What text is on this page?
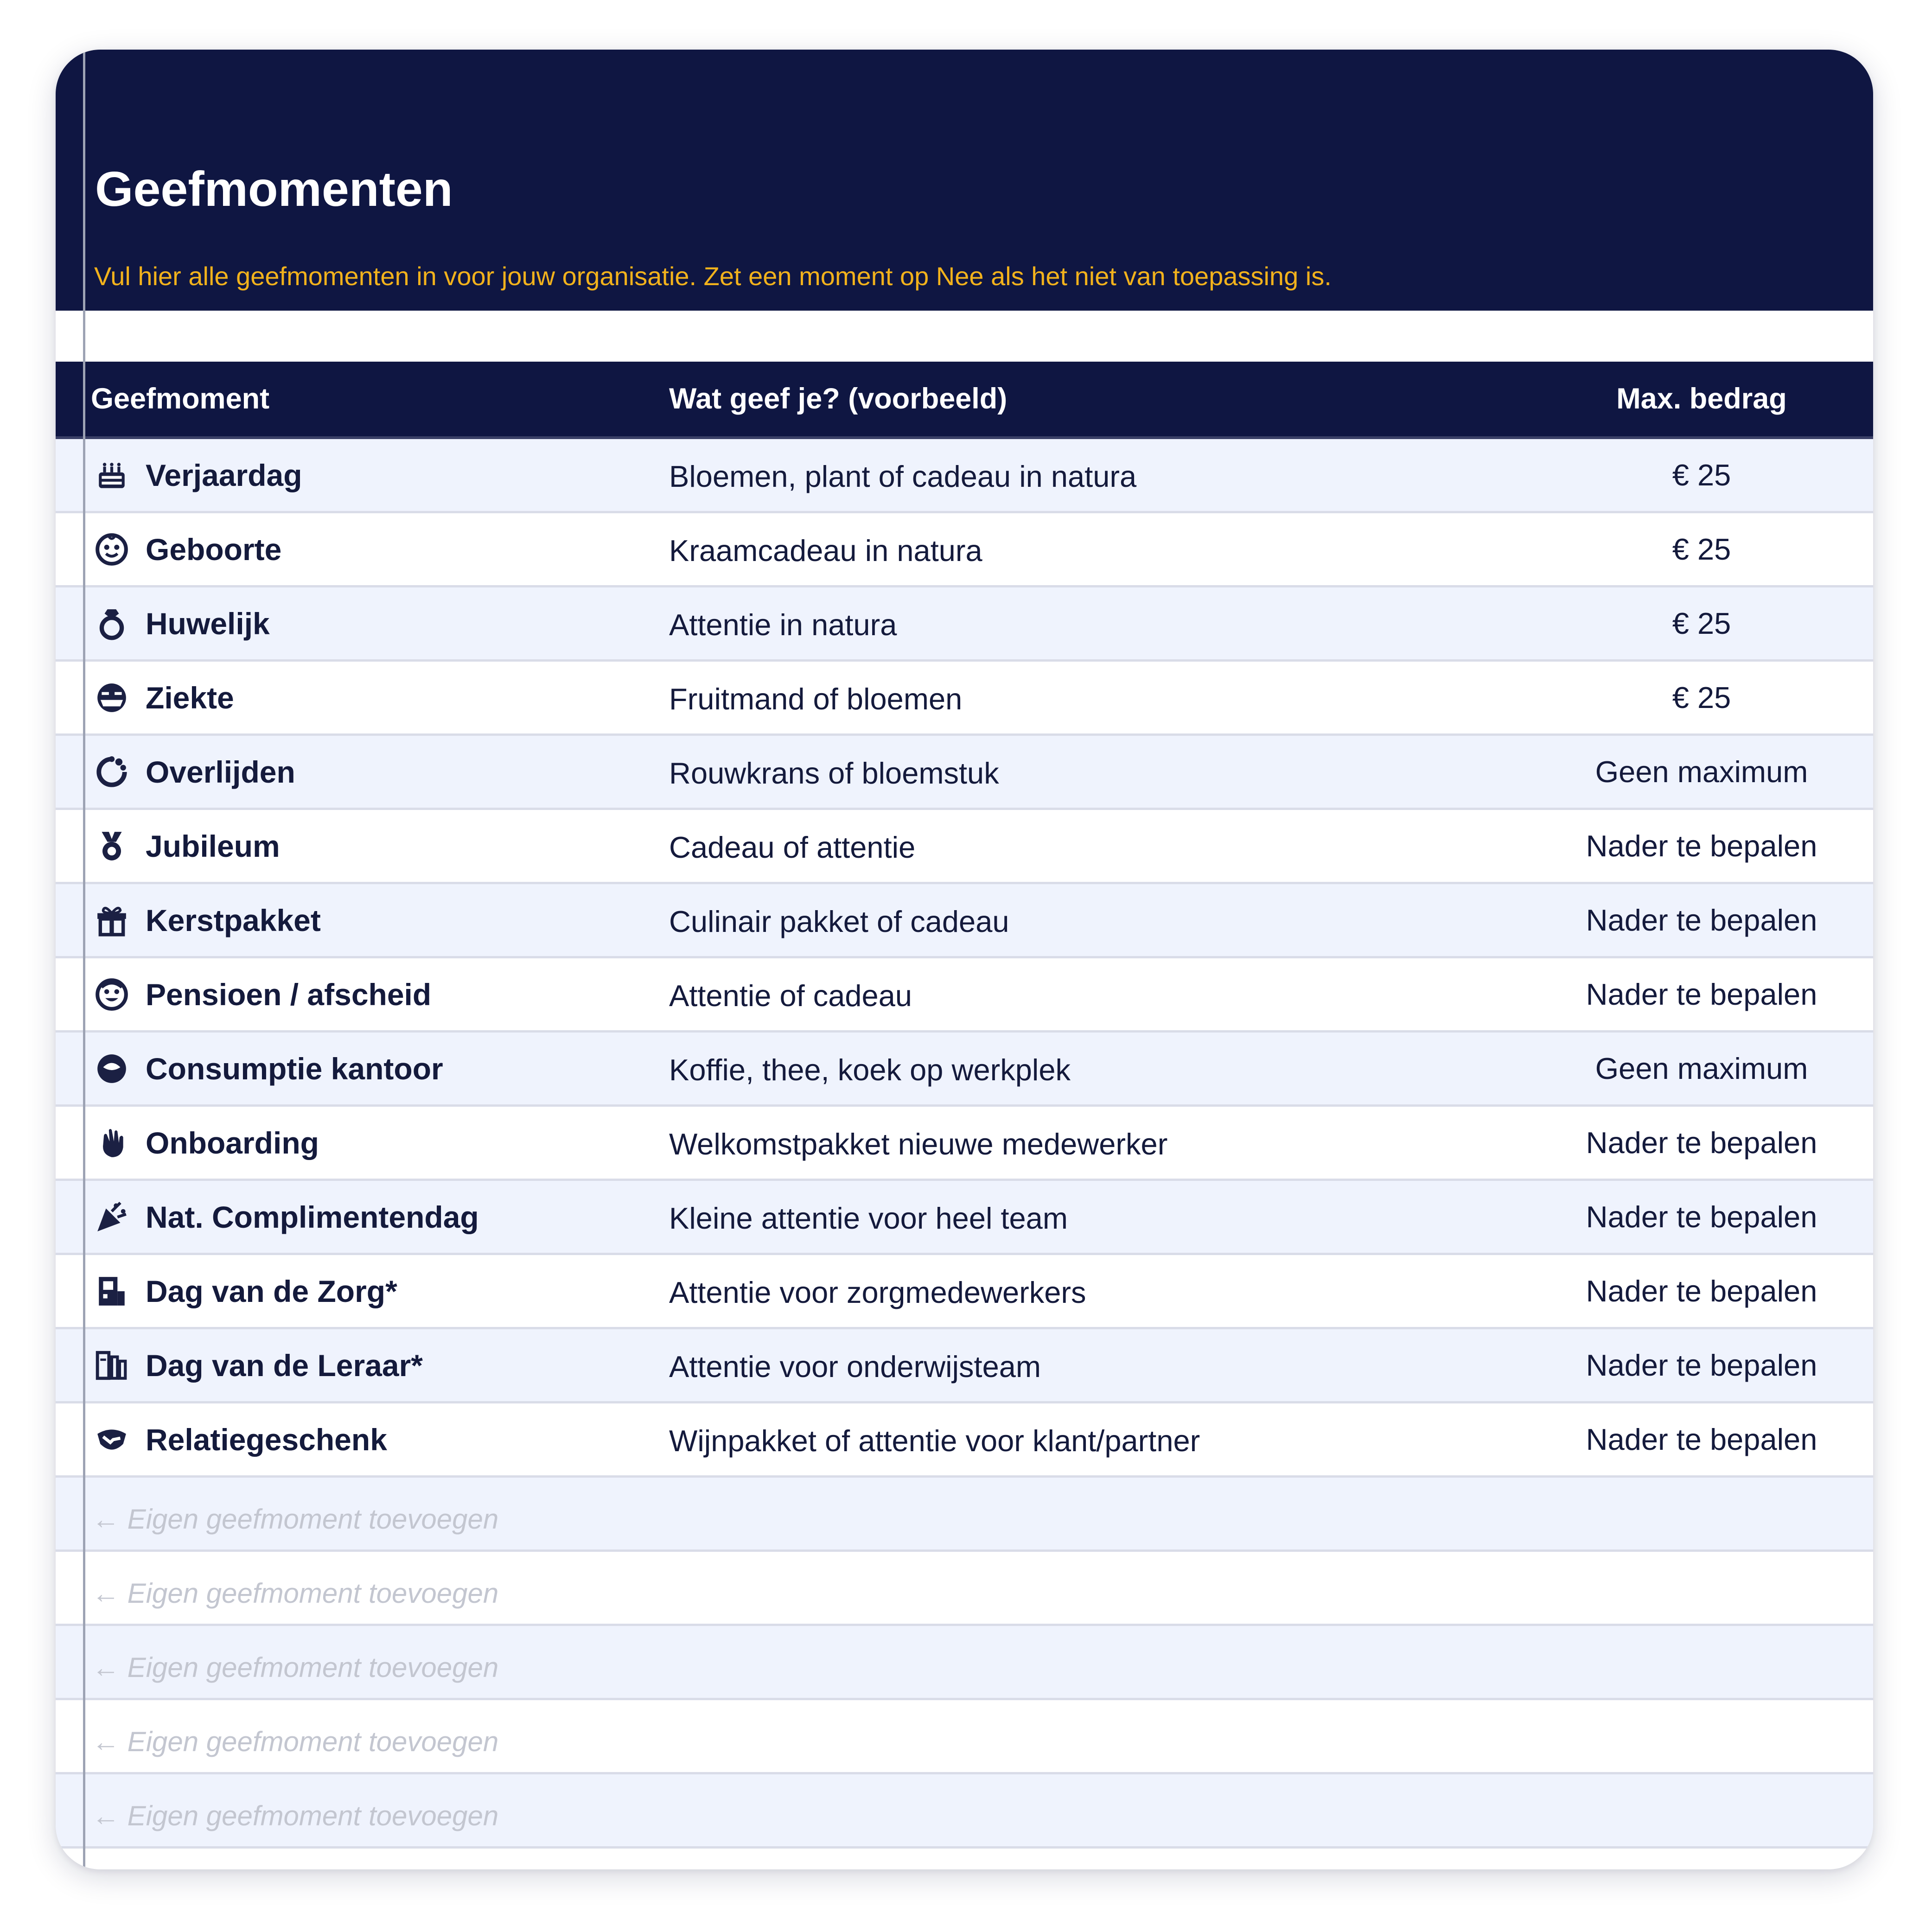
Geefmomenten
Vul hier alle geefmomenten in voor jouw organisatie. Zet een moment op Nee als het niet van toepassing is.
Geefmoment	Wat geef je? (voorbeeld)	Max. bedrag
Verjaardag	Bloemen, plant of cadeau in natura	€ 25
Geboorte	Kraamcadeau in natura	€ 25
Huwelijk	Attentie in natura	€ 25
Ziekte	Fruitmand of bloemen	€ 25
Overlijden	Rouwkrans of bloemstuk	Geen maximum
Jubileum	Cadeau of attentie	Nader te bepalen
Kerstpakket	Culinair pakket of cadeau	Nader te bepalen
Pensioen / afscheid	Attentie of cadeau	Nader te bepalen
Consumptie kantoor	Koffie, thee, koek op werkplek	Geen maximum
Onboarding	Welkomstpakket nieuwe medewerker	Nader te bepalen
Nat. Complimentendag	Kleine attentie voor heel team	Nader te bepalen
Dag van de Zorg*	Attentie voor zorgmedewerkers	Nader te bepalen
Dag van de Leraar*	Attentie voor onderwijsteam	Nader te bepalen
Relatiegeschenk	Wijnpakket of attentie voor klant/partner	Nader te bepalen
← Eigen geefmoment toevoegen
← Eigen geefmoment toevoegen
← Eigen geefmoment toevoegen
← Eigen geefmoment toevoegen
← Eigen geefmoment toevoegen
